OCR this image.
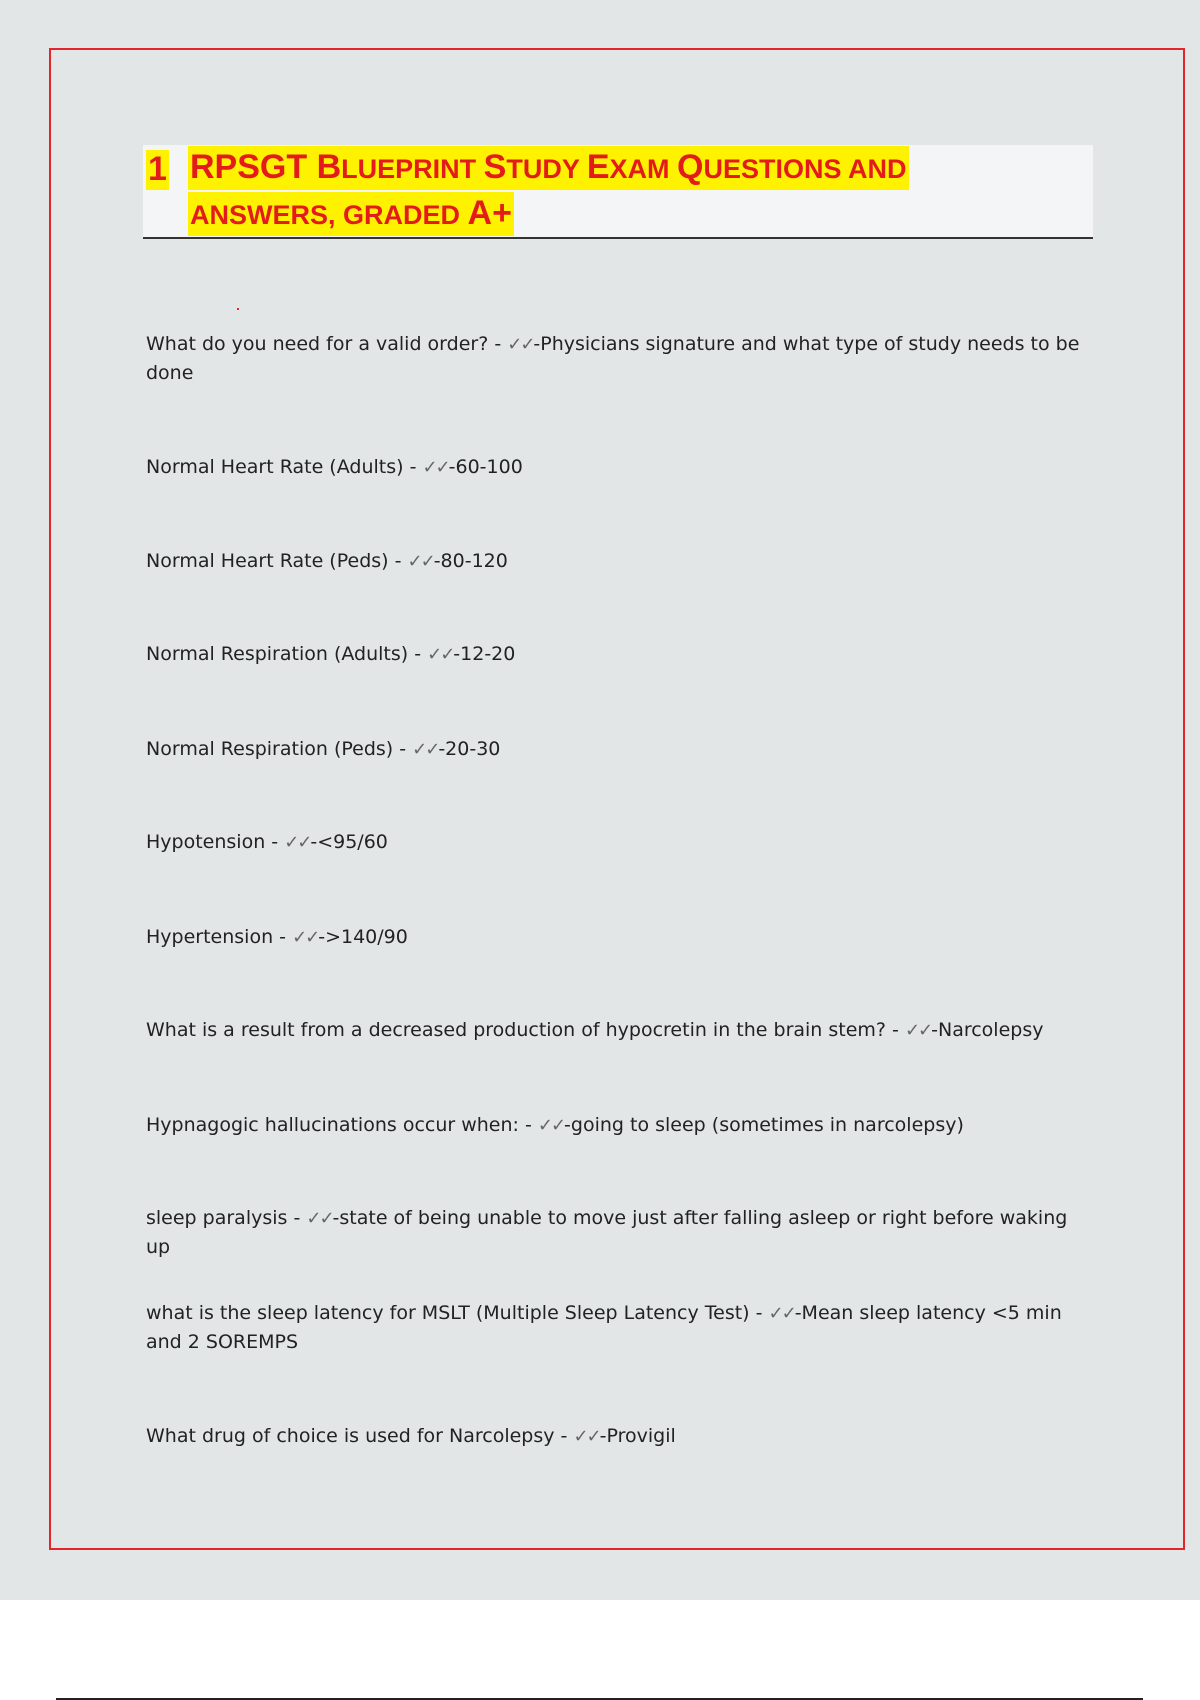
1 RPSGT BLUEPRINT STUDY EXAM QUESTIONS AND
ANSWERS, GRADED A+
What do you need for a valid order? - ✓✓-Physicians signature and what type of study needs to be done
Normal Heart Rate (Adults) - ✓✓-60-100
Normal Heart Rate (Peds) - ✓✓-80-120
Normal Respiration (Adults) - ✓✓-12-20
Normal Respiration (Peds) - ✓✓-20-30
Hypotension - ✓✓-<95/60
Hypertension - ✓✓->140/90
What is a result from a decreased production of hypocretin in the brain stem? - ✓✓-Narcolepsy
Hypnagogic hallucinations occur when: - ✓✓-going to sleep (sometimes in narcolepsy)
sleep paralysis - ✓✓-state of being unable to move just after falling asleep or right before waking up
what is the sleep latency for MSLT (Multiple Sleep Latency Test) - ✓✓-Mean sleep latency <5 min and 2 SOREMPS
What drug of choice is used for Narcolepsy - ✓✓-Provigil
